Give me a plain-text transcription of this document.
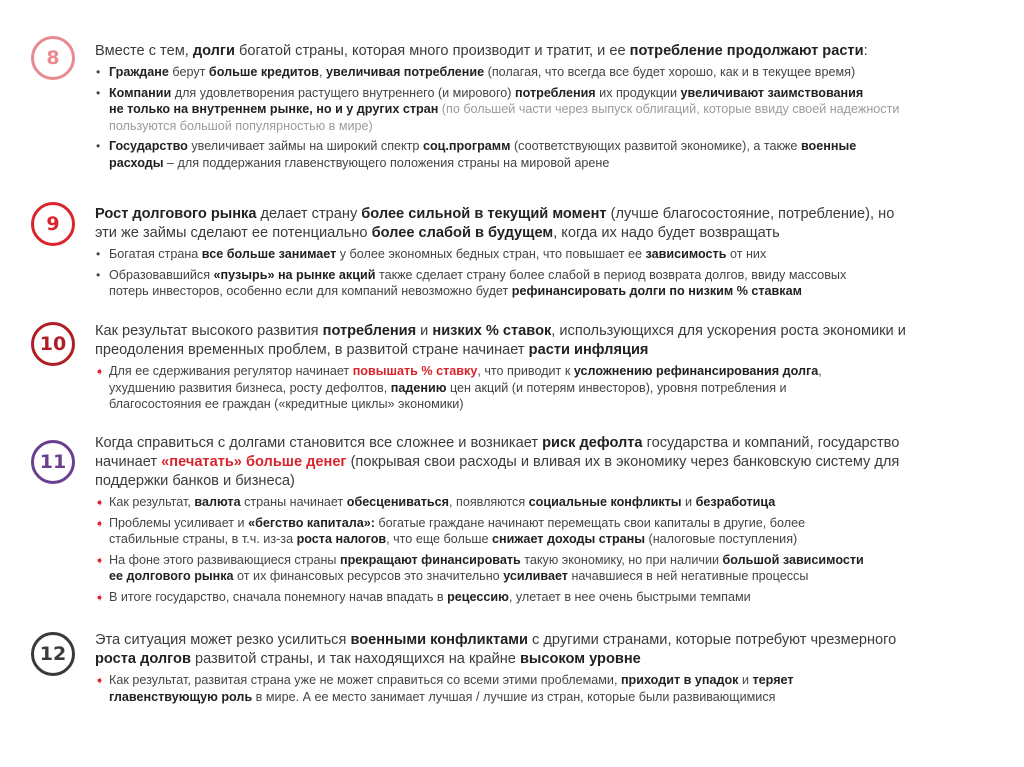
8 Вместе с тем, долги богатой страны, которая много производит и тратит, и ее потребление продолжают расти:
• Граждане берут больше кредитов, увеличивая потребление (полагая, что всегда все будет хорошо, как и в текущее время)
• Компании для удовлетворения растущего внутреннего (и мирового) потребления их продукции увеличивают заимствования
не только на внутреннем рынке, но и у других стран (по большей части через выпуск облигаций, которые ввиду своей надежности
пользуются большой популярностью в мире)
• Государство увеличивает займы на широкий спектр соц.программ (соответствующих развитой экономике), а также военные
расходы – для поддержания главенствующего положения страны на мировой арене
9 Рост долгового рынка делает страну более сильной в текущий момент (лучше благосостояние, потребление), но
эти же займы сделают ее потенциально более слабой в будущем, когда их надо будет возвращать
• Богатая страна все больше занимает у более экономных бедных стран, что повышает ее зависимость от них
• Образовавшийся «пузырь» на рынке акций также сделает страну более слабой в период возврата долгов, ввиду массовых
потерь инвесторов, особенно если для компаний невозможно будет рефинансировать долги по низким % ставкам
10
Как результат высокого развития потребления и низких % ставок, использующихся для ускорения роста экономики и
преодоления временных проблем, в развитой стране начинает расти инфляция
➧ Для ее сдерживания регулятор начинает повышать % ставку, что приводит к усложнению рефинансирования долга,
ухудшению развития бизнеса, росту дефолтов, падению цен акций (и потерям инвесторов), уровня потребления и
благосостояния ее граждан («кредитные циклы» экономики)
11
Когда справиться с долгами становится все сложнее и возникает риск дефолта государства и компаний, государство
начинает «печатать» больше денег (покрывая свои расходы и вливая их в экономику через банковскую систему для
поддержки банков и бизнеса)
➧ Как результат, валюта страны начинает обесцениваться, появляются социальные конфликты и безработица
➧ Проблемы усиливает и «бегство капитала»: богатые граждане начинают перемещать свои капиталы в другие, более
стабильные страны, в т.ч. из-за роста налогов, что еще больше снижает доходы страны (налоговые поступления)
➧ На фоне этого развивающиеся страны прекращают финансировать такую экономику, но при наличии большой зависимости
ее долгового рынка от их финансовых ресурсов это значительно усиливает начавшиеся в ней негативные процессы
➧ В итоге государство, сначала понемногу начав впадать в рецессию, улетает в нее очень быстрыми темпами
12
Эта ситуация может резко усилиться военными конфликтами с другими странами, которые потребуют чрезмерного
роста долгов развитой страны, и так находящихся на крайне высоком уровне
➧ Как результат, развитая страна уже не может справиться со всеми этими проблемами, приходит в упадок и теряет
главенствующую роль в мире. А ее место занимает лучшая / лучшие из стран, которые были развивающимися
